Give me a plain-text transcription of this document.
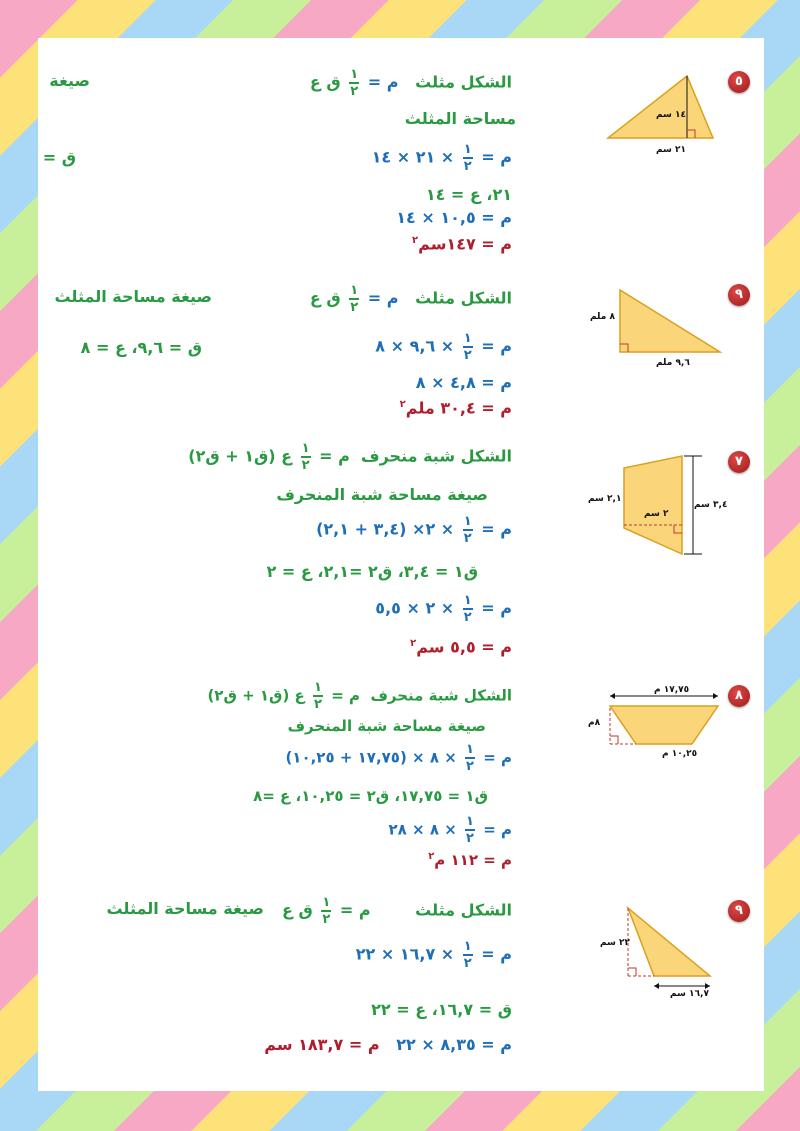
٥
١٤ سم
٢١ سم
الشكل مثلث   م =
$\frac{١}{٢}$
ق ع
صيغة
مساحة المثلث
م =
$\frac{١}{٢}$
× ٢١ × ١٤
ق =
٢١، ع = ١٤
م = ١٠,٥ × ١٤
م = ١٤٧سم$^٢$
٩
٨ ملم
٩,٦ ملم
الشكل مثلث   م =
$\frac{١}{٢}$
ق ع
صيغة مساحة المثلث
م =
$\frac{١}{٢}$
× ٩,٦ × ٨
ق = ٩,٦، ع = ٨
م = ٤,٨ × ٨
م = ٣٠,٤ ملم$^٢$
٧
٢,١ سم
٢ سم
٣,٤ سم
الشكل شبة منحرف  م =
$\frac{١}{٢}$
ع (ق١ + ق٢)
صيغة مساحة شبة المنحرف
م =
$\frac{١}{٢}$
× ٢× (٣,٤ + ٢,١)
ق١ = ٣,٤، ق٢ =٢,١، ع = ٢
م =
$\frac{١}{٢}$
× ٢ × ٥,٥
م = ٥,٥ سم$^٢$
٨
١٧,٧٥ م
٨م
١٠,٢٥ م
الشكل شبة منحرف  م =
$\frac{١}{٢}$
ع (ق١ + ق٢)
صيغة مساحة شبة المنحرف
م =
$\frac{١}{٢}$
× ٨ × (١٧,٧٥ + ١٠,٢٥)
ق١ = ١٧,٧٥، ق٢ = ١٠,٢٥، ع =٨
م =
$\frac{١}{٢}$
× ٨ × ٢٨
م = ١١٢ م$^٢$
٩
٢٢ سم
١٦,٧ سم
الشكل مثلث        م =
$\frac{١}{٢}$
ق ع
صيغة مساحة المثلث
م =
$\frac{١}{٢}$
× ١٦,٧ × ٢٢
ق = ١٦,٧، ع = ٢٢
م = ٨,٣٥ × ٢٢   م = ١٨٣,٧ سم
